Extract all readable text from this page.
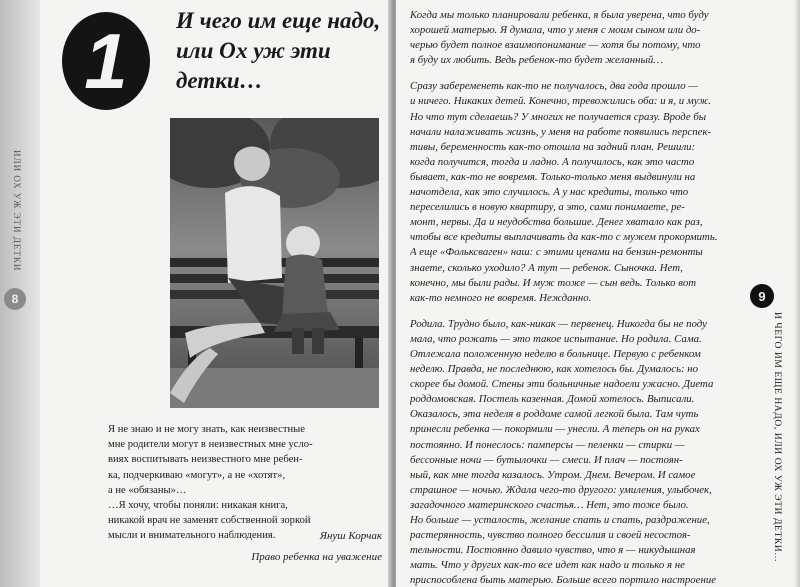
ИЛИ ОХ УЖ ЭТИ ДЕТКИ
8
1 И чего им еще надо,
или Ох уж эти
детки…

Я не знаю и не могу знать, как неизвестные
мне родители могут в неизвестных мне усло-
виях воспитывать неизвестного мне ребен-
ка, подчеркиваю «могут», а не «хотят»,
а не «обязаны»…
…Я хочу, чтобы поняли: никакая книга,
никакой врач не заменят собственной зоркой
мысли и внимательного наблюдения.	Януш Корчак
Право ребенка на уважение

Когда мы только планировали ребенка, я была уверена, что буду
хорошей матерью. Я думала, что у меня с моим сыном или до-
черью будет полное взаимопонимание — хотя бы потому, что
я буду их любить. Ведь ребенок-то будет желанный…

Сразу забеременеть как-то не получалось, два года прошло —
и ничего. Никаких детей. Конечно, тревожились оба: и я, и муж.
Но что тут сделаешь? У многих не получается сразу. Вроде бы
начали налаживать жизнь, у меня на работе появились перспек-
тивы, беременность как-то отошла на задний план. Решили:
когда получится, тогда и ладно. А получилось, как это часто
бывает, как-то не вовремя. Только-только меня выдвинули на
начотдела, как это случилось. А у нас кредиты, только что
переселились в новую квартиру, а это, сами понимаете, ре-
монт, нервы. Да и неудобства большие. Денег хватало как раз,
чтобы все кредиты выплачивать да как-то с мужем прокормить.
А еще «Фольксваген» наш: с этими ценами на бензин-ремонты
знаете, сколько уходило? А тут — ребенок. Сыночка. Нет,
конечно, мы были рады. И муж тоже — сын ведь. Только вот
как-то немного не вовремя. Нежданно.

Родила. Трудно было, как-никак — первенец. Никогда бы не поду
мала, что рожать — это такое испытание. Но родила. Сама.
Отлежала положенную неделю в больнице. Первую с ребенком
неделю. Правда, не последнюю, как хотелось бы. Думалось: но
скорее бы домой. Стены эти больничные надоели ужасно. Диета
роддомовская. Постель казенная. Домой хотелось. Выписали.
Оказалось, эта неделя в роддоме самой легкой была. Там чуть
принесли ребенка — покормили — унесли. А теперь он на руках
постоянно. И понеслось: памперсы — пеленки — стирки —
бессонные ночи — бутылочки — смеси. И плач — постоян-
ный, как мне тогда казалось. Утром. Днем. Вечером. И самое
страшное — ночью. Ждала чего-то другого: умиления, улыбочек,
загадочного материнского счастья… Нет, это тоже было.
Но больше — усталость, желание спать и спать, раздражение,
растерянность, чувство полного бессилия и своей несостоя-
тельности. Постоянно давило чувство, что я — никудышная
мать. Что у других как-то все идет как надо и только я не
приспособлена быть матерью. Больше всего портило настроение

9
И ЧЕГО ИМ ЕЩЕ НАДО, ИЛИ ОХ УЖ ЭТИ ДЕТКИ…
